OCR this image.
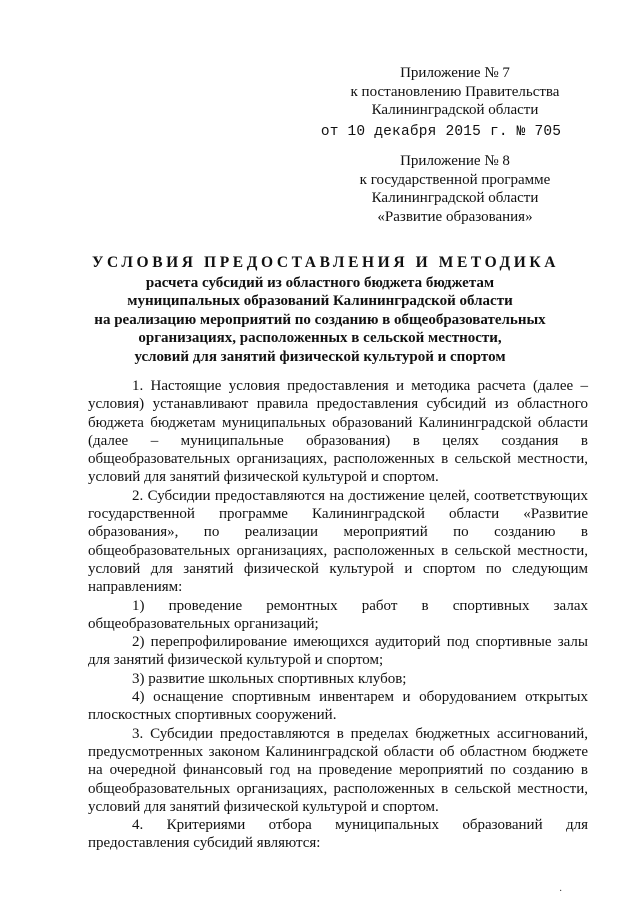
Приложение № 7
к постановлению Правительства
Калининградской области
от 10 декабря 2015 г. № 705
Приложение № 8
к государственной программе
Калининградской области
«Развитие образования»
УСЛОВИЯ ПРЕДОСТАВЛЕНИЯ И МЕТОДИКА
расчета субсидий из областного бюджета бюджетам
муниципальных образований Калининградской области
на реализацию мероприятий по созданию в общеобразовательных
организациях, расположенных в сельской местности,
условий для занятий физической культурой и спортом

1. Настоящие условия предоставления и методика расчета (далее – условия) устанавливают правила предоставления субсидий из областного бюджета бюджетам муниципальных образований Калининградской области (далее – муниципальные образования) в целях создания в общеобразовательных организациях, расположенных в сельской местности, условий для занятий физической культурой и спортом.

2. Субсидии предоставляются на достижение целей, соответствующих государственной программе Калининградской области «Развитие образования», по реализации мероприятий по созданию в общеобразовательных организациях, расположенных в сельской местности, условий для занятий физической культурой и спортом по следующим направлениям:

1) проведение ремонтных работ в спортивных залах общеобразовательных организаций;

2) перепрофилирование имеющихся аудиторий под спортивные залы для занятий физической культурой и спортом;

3) развитие школьных спортивных клубов;

4) оснащение спортивным инвентарем и оборудованием открытых плоскостных спортивных сооружений.

3. Субсидии предоставляются в пределах бюджетных ассигнований, предусмотренных законом Калининградской области об областном бюджете на очередной финансовый год на проведение мероприятий по созданию в общеобразовательных организациях, расположенных в сельской местности, условий для занятий физической культурой и спортом.

4. Критериями отбора муниципальных образований для предоставления субсидий являются:

·
